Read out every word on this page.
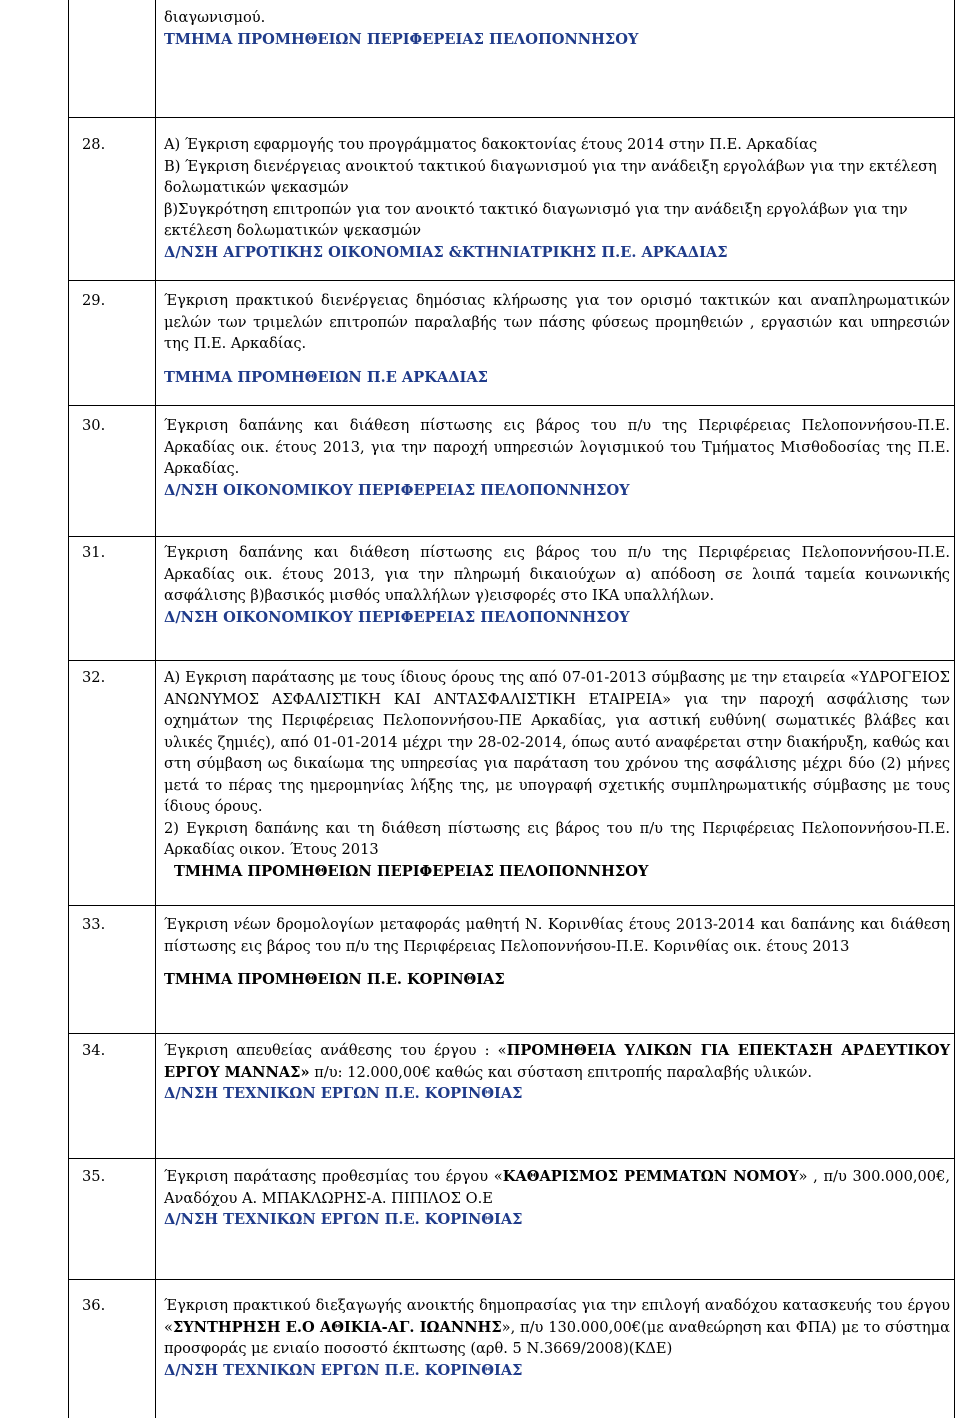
διαγωνισμού.

ΤΜΗΜΑ ΠΡΟΜΗΘΕΙΩΝ ΠΕΡΙΦΕΡΕΙΑΣ ΠΕΛΟΠΟΝΝΗΣΟΥ

28.	Α) Έγκριση εφαρμογής του προγράμματος δακοκτονίας έτους 2014 στην Π.Ε. Αρκαδίας

Β) Έγκριση διενέργειας ανοικτού τακτικού διαγωνισμού για την ανάδειξη εργολάβων για την εκτέλεση δολωματικών ψεκασμών

β)Συγκρότηση επιτροπών για τον ανοικτό τακτικό διαγωνισμό για την ανάδειξη εργολάβων για την εκτέλεση δολωματικών ψεκασμών

Δ/ΝΣΗ ΑΓΡΟΤΙΚΗΣ ΟΙΚΟΝΟΜΙΑΣ &ΚΤΗΝΙΑΤΡΙΚΗΣ Π.Ε. ΑΡΚΑΔΙΑΣ

29.	Έγκριση πρακτικού διενέργειας δημόσιας κλήρωσης για τον ορισμό τακτικών και αναπληρωματικών μελών των τριμελών επιτροπών παραλαβής των πάσης φύσεως προμηθειών , εργασιών και υπηρεσιών της Π.Ε. Αρκαδίας.

ΤΜΗΜΑ ΠΡΟΜΗΘΕΙΩΝ Π.Ε ΑΡΚΑΔΙΑΣ

30.	Έγκριση δαπάνης και διάθεση πίστωσης εις βάρος του π/υ της Περιφέρειας Πελοποννήσου-Π.Ε. Αρκαδίας οικ. έτους 2013, για την παροχή υπηρεσιών λογισμικού του Τμήματος Μισθοδοσίας της Π.Ε. Αρκαδίας.

Δ/ΝΣΗ ΟΙΚΟΝΟΜΙΚΟΥ ΠΕΡΙΦΕΡΕΙΑΣ ΠΕΛΟΠΟΝΝΗΣΟΥ

31.	Έγκριση δαπάνης και διάθεση πίστωσης εις βάρος του π/υ της Περιφέρειας Πελοποννήσου-Π.Ε. Αρκαδίας οικ. έτους 2013, για την πληρωμή δικαιούχων α) απόδοση σε λοιπά ταμεία κοινωνικής ασφάλισης β)βασικός μισθός υπαλλήλων γ)εισφορές στο ΙΚΑ υπαλλήλων.

Δ/ΝΣΗ ΟΙΚΟΝΟΜΙΚΟΥ ΠΕΡΙΦΕΡΕΙΑΣ ΠΕΛΟΠΟΝΝΗΣΟΥ

32.	Α) Εγκριση παράτασης με τους ίδιους όρους της από 07-01-2013 σύμβασης με την εταιρεία «ΥΔΡΟΓΕΙΟΣ ΑΝΩΝΥΜΟΣ ΑΣΦΑΛΙΣΤΙΚΗ ΚΑΙ ΑΝΤΑΣΦΑΛΙΣΤΙΚΗ ΕΤΑΙΡΕΙΑ» για την παροχή ασφάλισης των οχημάτων της Περιφέρειας Πελοποννήσου-ΠΕ Αρκαδίας, για αστική ευθύνη( σωματικές βλάβες και υλικές ζημιές), από 01-01-2014 μέχρι την 28-02-2014, όπως αυτό αναφέρεται στην διακήρυξη, καθώς και στη σύμβαση ως δικαίωμα της υπηρεσίας για παράταση του χρόνου της ασφάλισης μέχρι δύο (2) μήνες μετά το πέρας της ημερομηνίας λήξης της, με υπογραφή σχετικής συμπληρωματικής σύμβασης με τους ίδιους όρους.

2) Εγκριση δαπάνης και τη διάθεση πίστωσης εις βάρος του π/υ της Περιφέρειας Πελοποννήσου-Π.Ε. Αρκαδίας οικον. Έτους 2013

ΤΜΗΜΑ ΠΡΟΜΗΘΕΙΩΝ ΠΕΡΙΦΕΡΕΙΑΣ ΠΕΛΟΠΟΝΝΗΣΟΥ

33.	Έγκριση νέων δρομολογίων μεταφοράς μαθητή Ν. Κορινθίας έτους 2013-2014 και δαπάνης και διάθεση πίστωσης εις βάρος του π/υ της Περιφέρειας Πελοποννήσου-Π.Ε. Κορινθίας οικ. έτους 2013

ΤΜΗΜΑ ΠΡΟΜΗΘΕΙΩΝ Π.Ε. ΚΟΡΙΝΘΙΑΣ

34.	Έγκριση απευθείας ανάθεσης του έργου : «ΠΡΟΜΗΘΕΙΑ ΥΛΙΚΩΝ ΓΙΑ ΕΠΕΚΤΑΣΗ ΑΡΔΕΥΤΙΚΟΥ ΕΡΓΟΥ ΜΑΝΝΑΣ» π/υ: 12.000,00€ καθώς και σύσταση επιτροπής παραλαβής υλικών.

Δ/ΝΣΗ ΤΕΧΝΙΚΩΝ ΕΡΓΩΝ Π.Ε. ΚΟΡΙΝΘΙΑΣ

35.	Έγκριση παράτασης προθεσμίας του έργου «ΚΑΘΑΡΙΣΜΟΣ ΡΕΜΜΑΤΩΝ ΝΟΜΟΥ» , π/υ 300.000,00€, Αναδόχου Α. ΜΠΑΚΛΩΡΗΣ-Α. ΠΙΠΙΛΟΣ Ο.Ε

Δ/ΝΣΗ ΤΕΧΝΙΚΩΝ ΕΡΓΩΝ Π.Ε. ΚΟΡΙΝΘΙΑΣ

36.	Έγκριση πρακτικού διεξαγωγής ανοικτής δημοπρασίας για την επιλογή αναδόχου κατασκευής του έργου «ΣΥΝΤΗΡΗΣΗ Ε.Ο ΑΘΙΚΙΑ-ΑΓ. ΙΩΑΝΝΗΣ», π/υ 130.000,00€(με αναθεώρηση και ΦΠΑ) με το σύστημα προσφοράς με ενιαίο ποσοστό έκπτωσης (αρθ. 5 Ν.3669/2008)(ΚΔΕ)

Δ/ΝΣΗ ΤΕΧΝΙΚΩΝ ΕΡΓΩΝ Π.Ε. ΚΟΡΙΝΘΙΑΣ
